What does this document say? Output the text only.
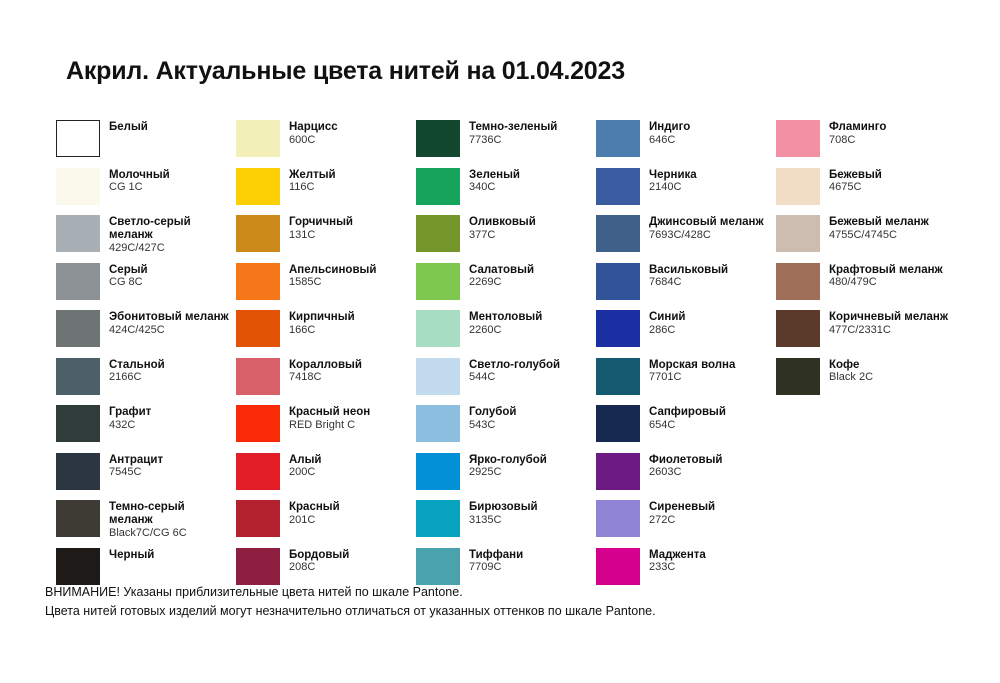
Акрил. Актуальные цвета нитей на 01.04.2023
Белый
Молочный
CG 1C
Светло-серый меланж
429C/427C
Серый
CG 8C
Эбонитовый меланж
424C/425C
Стальной
2166C
Графит
432C
Антрацит
7545C
Темно-серый меланж
Black7C/CG 6C
Черный
Нарцисс
600C
Желтый
116C
Горчичный
131C
Апельсиновый
1585C
Кирпичный
166C
Коралловый
7418C
Красный неон
RED Bright C
Алый
200C
Красный
201C
Бордовый
208C
Темно-зеленый
7736C
Зеленый
340C
Оливковый
377C
Салатовый
2269C
Ментоловый
2260C
Светло-голубой
544C
Голубой
543C
Ярко-голубой
2925C
Бирюзовый
3135C
Тиффани
7709C
Индиго
646C
Черника
2140C
Джинсовый меланж
7693C/428C
Васильковый
7684C
Синий
286C
Морская волна
7701C
Сапфировый
654C
Фиолетовый
2603C
Сиреневый
272C
Маджента
233C
Фламинго
708C
Бежевый
4675C
Бежевый меланж
4755C/4745C
Крафтовый меланж
480/479C
Коричневый меланж
477C/2331C
Кофе
Black 2C
ВНИМАНИЕ! Указаны приблизительные цвета нитей по шкале Pantone.
Цвета нитей готовых изделий могут незначительно отличаться от указанных оттенков по шкале Pantone.
